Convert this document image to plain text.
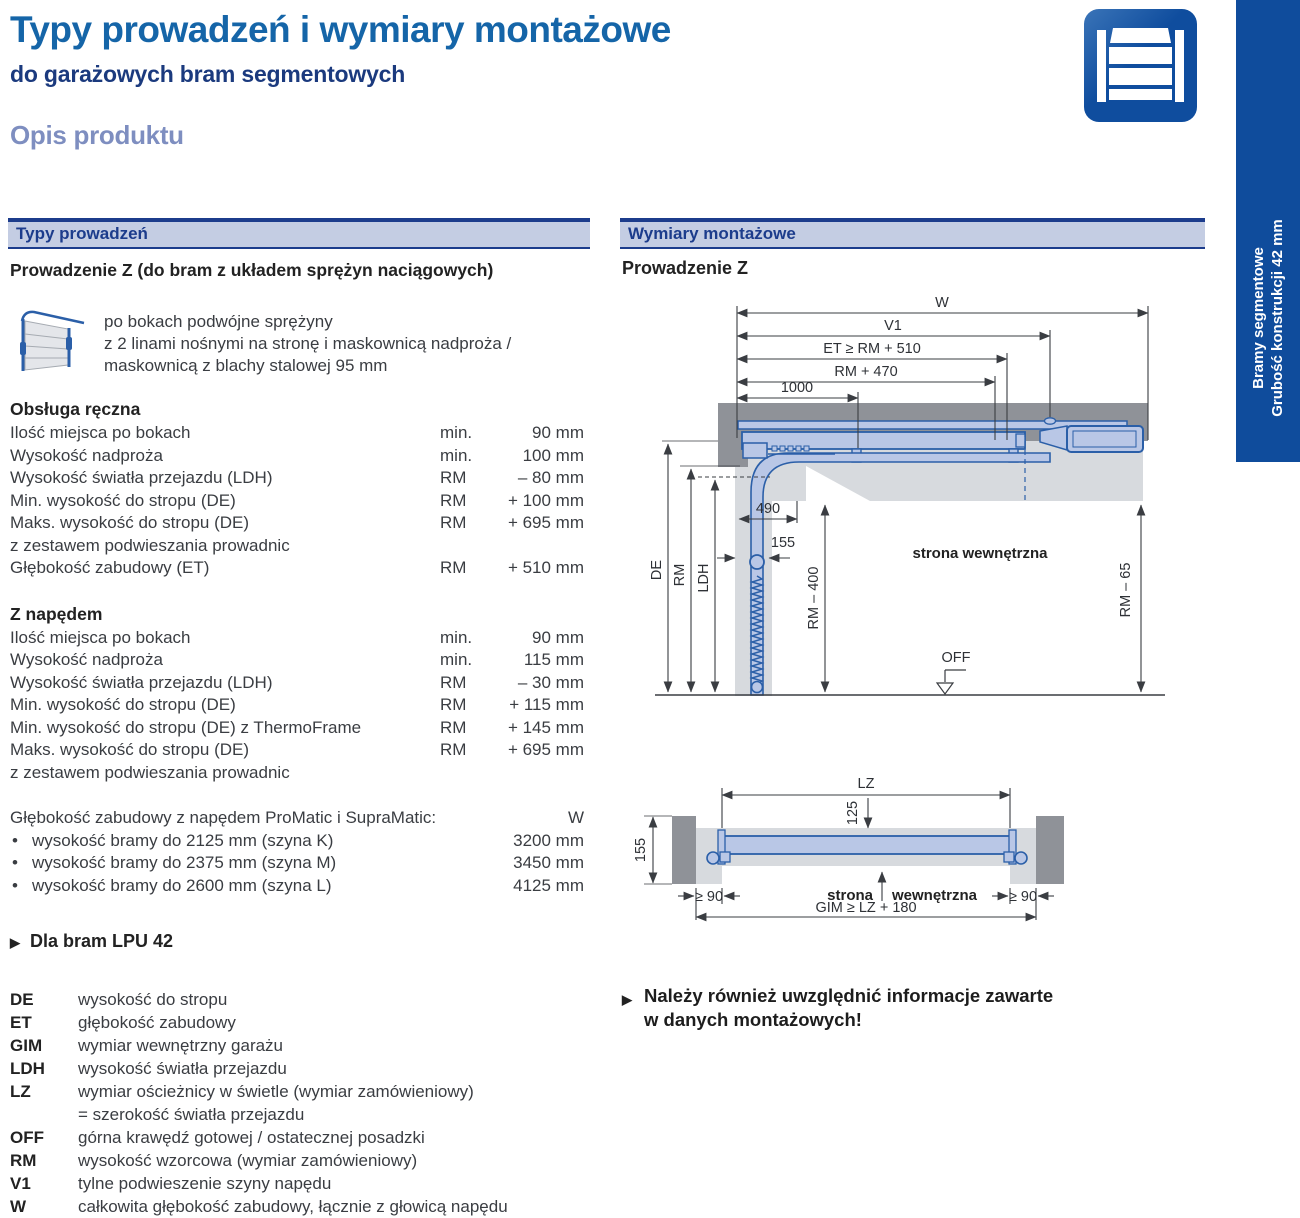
Typy prowadzeń i wymiary montażowe
do garażowych bram segmentowych
Opis produktu
Bramy segmentowe Grubość konstrukcji 42 mm
Typy prowadzeń
Prowadzenie Z (do bram z układem sprężyn naciągowych)
po bokach podwójne sprężyny
z 2 linami nośnymi na stronę i maskownicą nadproża /
maskownicą z blachy stalowej 95 mm
Obsługa ręczna
Ilość miejsca po bokach	min.	90 mm
Wysokość nadproża	min.	100 mm
Wysokość światła przejazdu (LDH)	RM	– 80 mm
Min. wysokość do stropu (DE)	RM	+ 100 mm
Maks. wysokość do stropu (DE)	RM	+ 695 mm
z zestawem podwieszania prowadnic
Głębokość zabudowy (ET)	RM	+ 510 mm
Z napędem
Ilość miejsca po bokach	min.	90 mm
Wysokość nadproża	min.	115 mm
Wysokość światła przejazdu (LDH)	RM	– 30 mm
Min. wysokość do stropu (DE)	RM	+ 115 mm
Min. wysokość do stropu (DE) z ThermoFrame	RM	+ 145 mm
Maks. wysokość do stropu (DE)	RM	+ 695 mm
z zestawem podwieszania prowadnic
Głębokość zabudowy z napędem ProMatic i SupraMatic:	W
• wysokość bramy do 2125 mm (szyna K)	3200 mm
• wysokość bramy do 2375 mm (szyna M)	3450 mm
• wysokość bramy do 2600 mm (szyna L)	4125 mm
▶ Dla bram LPU 42
DE	wysokość do stropu
ET	głębokość zabudowy
GIM	wymiar wewnętrzny garażu
LDH	wysokość światła przejazdu
LZ	wymiar ościeżnicy w świetle (wymiar zamówieniowy)
= szerokość światła przejazdu
OFF	górna krawędź gotowej / ostatecznej posadzki
RM	wysokość wzorcowa (wymiar zamówieniowy)
V1	tylne podwieszenie szyny napędu
W	całkowita głębokość zabudowy, łącznie z głowicą napędu
Wymiary montażowe
Prowadzenie Z
W
V1
ET ≥ RM + 510
RM + 470
1000
490
155
RM – 400
DE RM LDH	RM – 65
OFF
strona wewnętrzna
LZ
125
155
≥ 90	≥ 90
GIM ≥ LZ + 180
strona wewnętrzna
▶ Należy również uwzględnić informacje zawarte
w danych montażowych!
